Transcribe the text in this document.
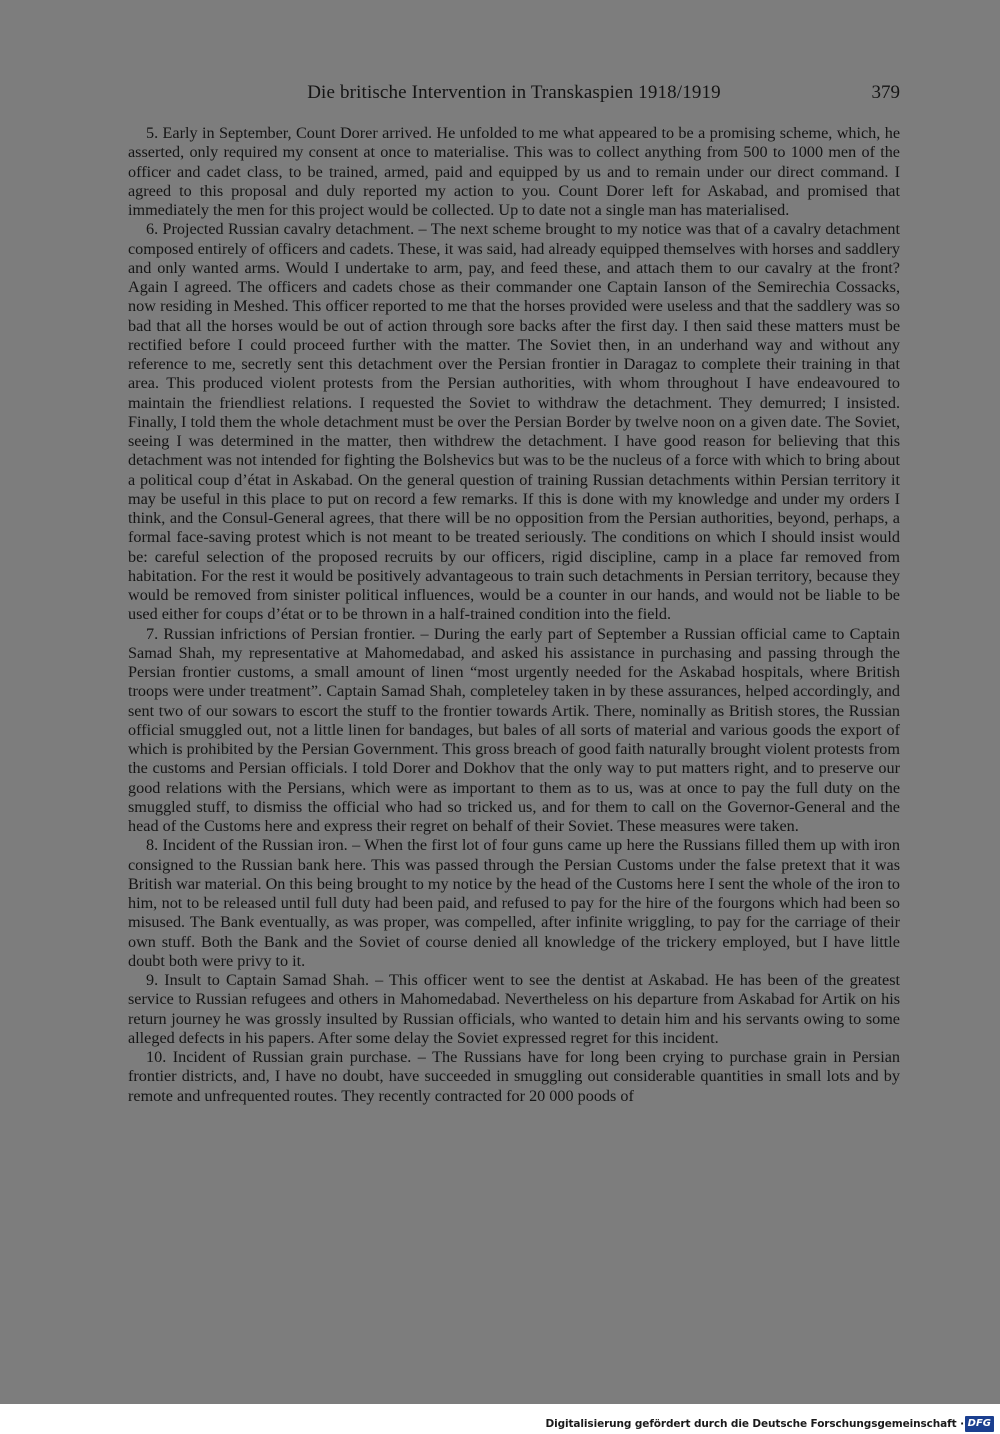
Die britische Intervention in Transkaspien 1918/1919	379

5. Early in September, Count Dorer arrived. He unfolded to me what appeared to be a promising scheme, which, he asserted, only required my consent at once to materialise. This was to collect anything from 500 to 1000 men of the officer and cadet class, to be trained, armed, paid and equipped by us and to remain under our direct command. I agreed to this proposal and duly reported my action to you. Count Dorer left for Askabad, and promised that immediately the men for this project would be collected. Up to date not a single man has materialised.

6. Projected Russian cavalry detachment. – The next scheme brought to my notice was that of a cavalry detachment composed entirely of officers and cadets. These, it was said, had already equipped themselves with horses and saddlery and only wanted arms. Would I undertake to arm, pay, and feed these, and attach them to our cavalry at the front? Again I agreed. The officers and cadets chose as their commander one Captain Ianson of the Semirechia Cossacks, now residing in Meshed. This officer reported to me that the horses provided were useless and that the saddlery was so bad that all the horses would be out of action through sore backs after the first day. I then said these matters must be rectified before I could proceed further with the matter. The Soviet then, in an underhand way and without any reference to me, secretly sent this detachment over the Persian frontier in Daragaz to complete their training in that area. This produced violent protests from the Persian authorities, with whom throughout I have endeavoured to maintain the friendliest relations. I requested the Soviet to withdraw the detachment. They demurred; I insisted. Finally, I told them the whole detachment must be over the Persian Border by twelve noon on a given date. The Soviet, seeing I was determined in the matter, then withdrew the detachment. I have good reason for believing that this detachment was not intended for fighting the Bolshevics but was to be the nucleus of a force with which to bring about a political coup d’état in Askabad. On the general question of training Russian detachments within Persian territory it may be useful in this place to put on record a few remarks. If this is done with my knowledge and under my orders I think, and the Consul-General agrees, that there will be no opposition from the Persian authorities, beyond, perhaps, a formal face-saving protest which is not meant to be treated seriously. The conditions on which I should insist would be: careful selection of the proposed recruits by our officers, rigid discipline, camp in a place far removed from habitation. For the rest it would be positively advantageous to train such detachments in Persian territory, because they would be removed from sinister political influences, would be a counter in our hands, and would not be liable to be used either for coups d’état or to be thrown in a half-trained condition into the field.

7. Russian infrictions of Persian frontier. – During the early part of September a Russian official came to Captain Samad Shah, my representative at Mahomedabad, and asked his assistance in purchasing and passing through the Persian frontier customs, a small amount of linen “most urgently needed for the Askabad hospitals, where British troops were under treatment”. Captain Samad Shah, completeley taken in by these assurances, helped accordingly, and sent two of our sowars to escort the stuff to the frontier towards Artik. There, nominally as British stores, the Russian official smuggled out, not a little linen for bandages, but bales of all sorts of material and various goods the export of which is prohibited by the Persian Government. This gross breach of good faith naturally brought violent protests from the customs and Persian officials. I told Dorer and Dokhov that the only way to put matters right, and to preserve our good relations with the Persians, which were as important to them as to us, was at once to pay the full duty on the smuggled stuff, to dismiss the official who had so tricked us, and for them to call on the Governor-General and the head of the Customs here and express their regret on behalf of their Soviet. These measures were taken.

8. Incident of the Russian iron. – When the first lot of four guns came up here the Russians filled them up with iron consigned to the Russian bank here. This was passed through the Persian Customs under the false pretext that it was British war material. On this being brought to my notice by the head of the Customs here I sent the whole of the iron to him, not to be released until full duty had been paid, and refused to pay for the hire of the fourgons which had been so misused. The Bank eventually, as was proper, was compelled, after infinite wriggling, to pay for the carriage of their own stuff. Both the Bank and the Soviet of course denied all knowledge of the trickery employed, but I have little doubt both were privy to it.

9. Insult to Captain Samad Shah. – This officer went to see the dentist at Askabad. He has been of the greatest service to Russian refugees and others in Mahomedabad. Nevertheless on his departure from Askabad for Artik on his return journey he was grossly insulted by Russian officials, who wanted to detain him and his servants owing to some alleged defects in his papers. After some delay the Soviet expressed regret for this incident.

10. Incident of Russian grain purchase. – The Russians have for long been crying to purchase grain in Persian frontier districts, and, I have no doubt, have succeeded in smuggling out considerable quantities in small lots and by remote and unfrequented routes. They recently contracted for 20 000 poods of

Digitalisierung gefördert durch die Deutsche Forschungsgemeinschaft · DFG
